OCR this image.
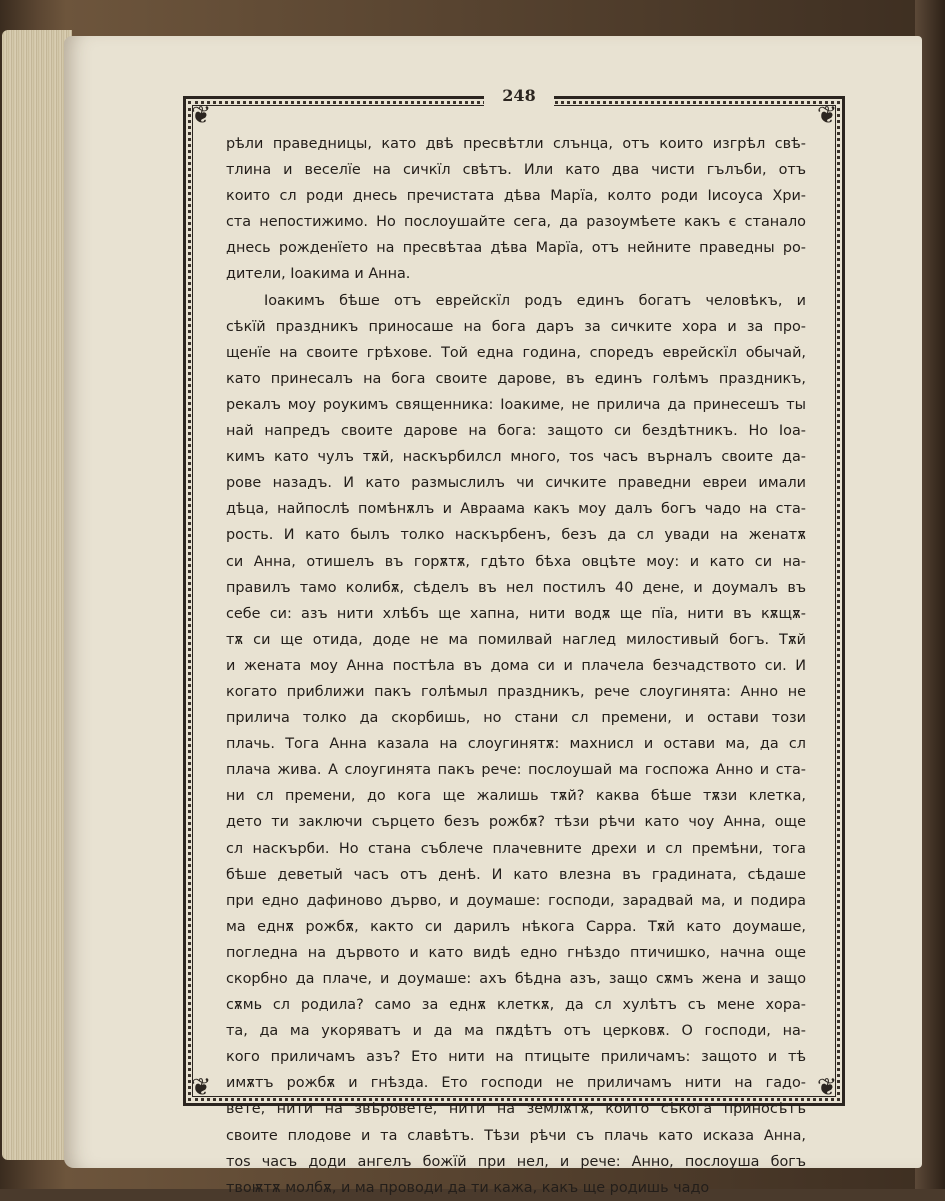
❦	❦
❦	❦
248
рѣли праведницы, като двѣ пресвѣтли слънца, отъ които изгрѣл свѣ-
тлина и веселїе на сичкїл свѣтъ. Или като два чисти гълъби, отъ
които сл роди днесь пречистата дѣва Марїа, колто роди Iисоуса Хри-
ста непостижимо. Но послоушайте сега, да разоумѣете какъ є станало
днесь рожденїето на пресвѣтаа дѣва Марїа, отъ нейните праведны ро-
дители, Iоакима и Анна.
Iоакимъ бѣше отъ еврейскїл родъ единъ богатъ человѣкъ, и
сѣкїй праздникъ приносаше на бога даръ за сичките хора и за про-
щенїе на своите грѣхове. Той една година, споредъ еврейскїл обычай,
като принесалъ на бога своите дарове, въ единъ голѣмъ праздникъ,
рекалъ моу роукимъ священника: Iоакиме, не прилича да принесешъ ты
най напредъ своите дарове на бога: защото си бездѣтникъ. Но Iоа-
кимъ като чулъ тѫй, наскърбилсл много, тоѕ часъ върналъ своите да-
рове назадъ. И като размыслилъ чи сичките праведни евреи имали
дѣца, найпослѣ помѣнѫлъ и Авраама какъ моу далъ богъ чадо на ста-
рость. И като былъ толко наскърбенъ, безъ да сл увади на женатѫ
си Анна, отишелъ въ горѫтѫ, гдѣто бѣха овцѣте моу: и като си на-
правилъ тамо колибѫ, сѣделъ въ нел постилъ 40 дене, и доумалъ въ
себе си: азъ нити хлѣбъ ще хапна, нити водѫ ще пїа, нити въ кѫщѫ-
тѫ си ще отида, доде не ма помилвай наглед милостивый богъ. Тѫй
и жената моу Анна постѣла въ дома си и плачела безчадството си. И
когато приближи пакъ голѣмыл праздникъ, рече слоугинята: Анно не
прилича толко да скорбишь, но стани сл премени, и остави този
плачь. Тога Анна казала на слоугинятѫ: махнисл и остави ма, да сл
плача жива. А слоугинята пакъ рече: послоушай ма госпожа Анно и ста-
ни сл премени, до кога ще жалишь тѫй? каква бѣше тѫзи клетка,
дето ти заключи сърцето безъ рожбѫ? тѣзи рѣчи като чоу Анна, още
сл наскърби. Но стана съблече плачевните дрехи и сл премѣни, тога
бѣше деветый часъ отъ денѣ. И като влезна въ градината, сѣдаше
при едно дафиново дърво, и доумаше: господи, зарадвай ма, и подира
ма еднѫ рожбѫ, както си дарилъ нѣкога Сарра. Тѫй като доумаше,
погледна на дървото и като видѣ едно гнѣздо птичишко, начна още
скорбно да плаче, и доумаше: ахъ бѣдна азъ, защо сѫмъ жена и защо
сѫмь сл родила? само за еднѫ клеткѫ, да сл хулѣтъ съ мене хора-
та, да ма укоряватъ и да ма пѫдѣтъ отъ церковѫ. О господи, на-
кого приличамъ азъ? Ето нити на птицыте приличамъ: защото и тѣ
имѫтъ рожбѫ и гнѣзда. Ето господи не приличамъ нити на гадо-
вете, нити на звѣровете, нити на землѫтѫ, които сѣкога приносѣтъ
своите плодове и та славѣтъ. Тѣзи рѣчи съ плачь като исказа Анна,
тоѕ часъ доди ангелъ божїй при нел, и рече: Анно, послоуша богъ
твоѭтѫ молбѫ, и ма проводи да ти кажа, какъ ще родишь чадо
